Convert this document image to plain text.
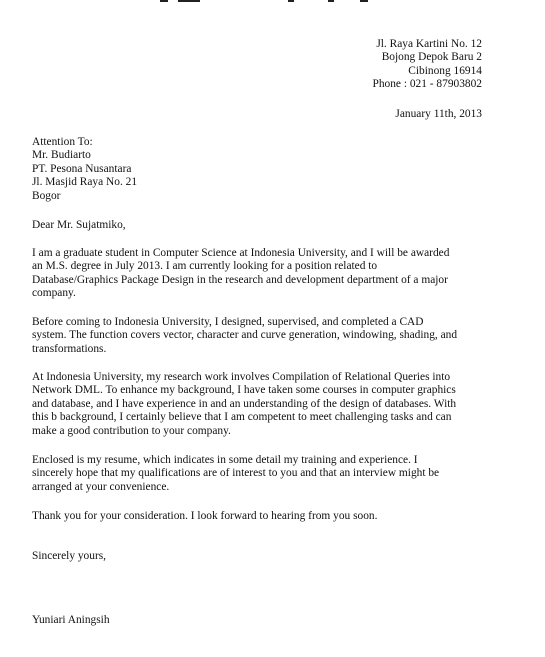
Jl. Raya Kartini No. 12
Bojong Depok Baru 2
Cibinong 16914
Phone : 021 - 87903802
January 11th, 2013
Attention To:
Mr. Budiarto
PT. Pesona Nusantara
Jl. Masjid Raya No. 21
Bogor
Dear Mr. Sujatmiko,
I am a graduate student in Computer Science at Indonesia University, and I will be awarded
an M.S. degree in July 2013. I am currently looking for a position related to
Database/Graphics Package Design in the research and development department of a major
company.
Before coming to Indonesia University, I designed, supervised, and completed a CAD
system. The function covers vector, character and curve generation, windowing, shading, and
transformations.
At Indonesia University, my research work involves Compilation of Relational Queries into
Network DML. To enhance my background, I have taken some courses in computer graphics
and database, and I have experience in and an understanding of the design of databases. With
this b background, I certainly believe that I am competent to meet challenging tasks and can
make a good contribution to your company.
Enclosed is my resume, which indicates in some detail my training and experience. I
sincerely hope that my qualifications are of interest to you and that an interview might be
arranged at your convenience.
Thank you for your consideration. I look forward to hearing from you soon.
Sincerely yours,
Yuniari Aningsih
